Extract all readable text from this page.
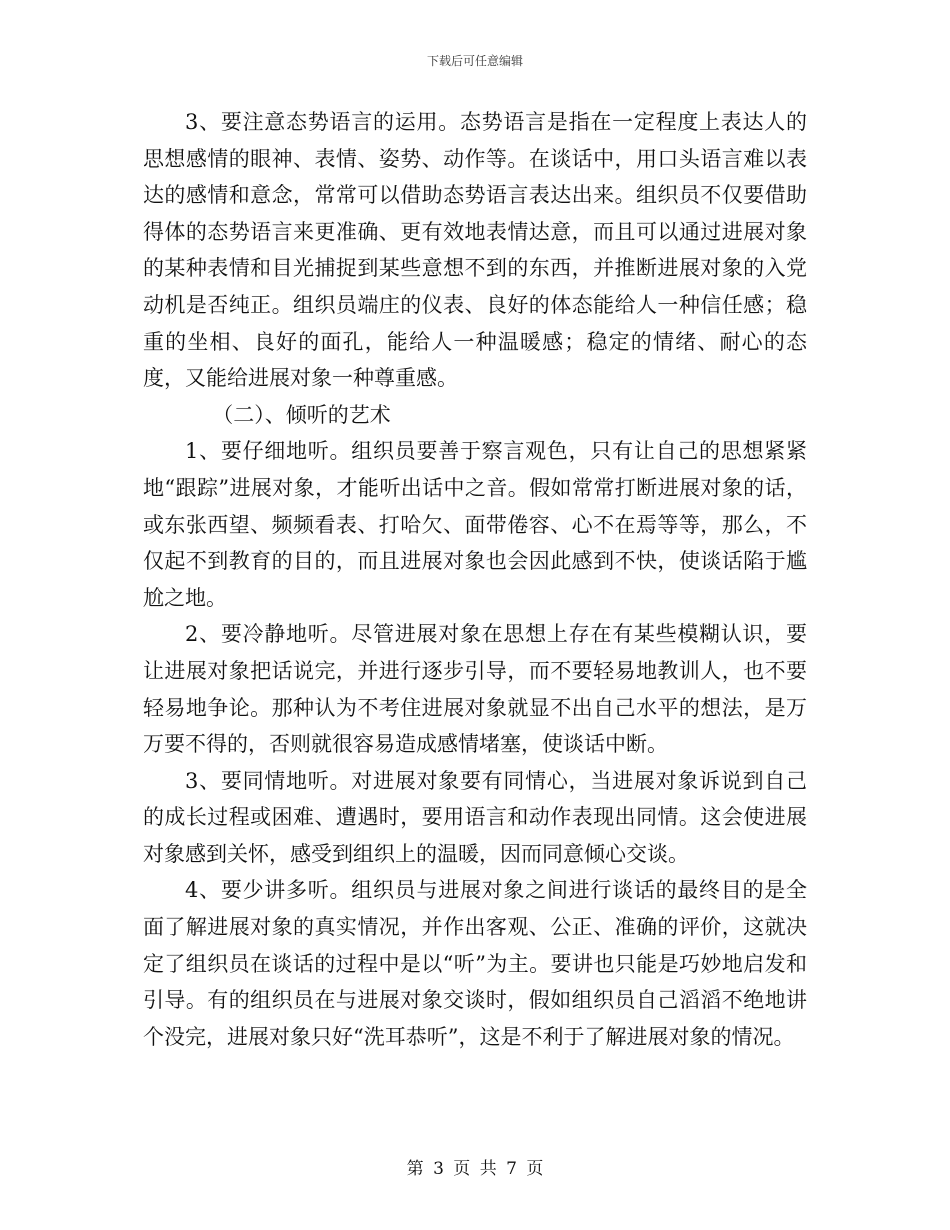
下载后可任意编辑

3、要注意态势语言的运用。态势语言是指在一定程度上表达人的思想感情的眼神、表情、姿势、动作等。在谈话中，用口头语言难以表达的感情和意念，常常可以借助态势语言表达出来。组织员不仅要借助得体的态势语言来更准确、更有效地表情达意，而且可以通过进展对象的某种表情和目光捕捉到某些意想不到的东西，并推断进展对象的入党动机是否纯正。组织员端庄的仪表、良好的体态能给人一种信任感；稳重的坐相、良好的面孔，能给人一种温暖感；稳定的情绪、耐心的态度，又能给进展对象一种尊重感。

（二）、倾听的艺术

1、要仔细地听。组织员要善于察言观色，只有让自己的思想紧紧地“跟踪”进展对象，才能听出话中之音。假如常常打断进展对象的话，或东张西望、频频看表、打哈欠、面带倦容、心不在焉等等，那么，不仅起不到教育的目的，而且进展对象也会因此感到不快，使谈话陷于尴尬之地。

2、要冷静地听。尽管进展对象在思想上存在有某些模糊认识，要让进展对象把话说完，并进行逐步引导，而不要轻易地教训人，也不要轻易地争论。那种认为不考住进展对象就显不出自己水平的想法，是万万要不得的，否则就很容易造成感情堵塞，使谈话中断。

3、要同情地听。对进展对象要有同情心，当进展对象诉说到自己的成长过程或困难、遭遇时，要用语言和动作表现出同情。这会使进展对象感到关怀，感受到组织上的温暖，因而同意倾心交谈。

4、要少讲多听。组织员与进展对象之间进行谈话的最终目的是全面了解进展对象的真实情况，并作出客观、公正、准确的评价，这就决定了组织员在谈话的过程中是以“听”为主。要讲也只能是巧妙地启发和引导。有的组织员在与进展对象交谈时，假如组织员自己滔滔不绝地讲个没完，进展对象只好“洗耳恭听”，这是不利于了解进展对象的情况。

第 3 页 共 7 页
